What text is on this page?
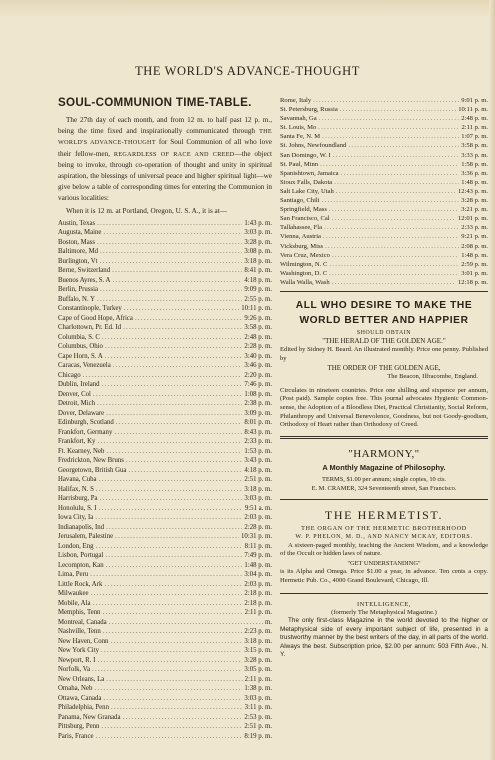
THE WORLD'S ADVANCE-THOUGHT
SOUL-COMMUNION TIME-TABLE.
The 27th day of each month, and from 12 m. to half past 12 p. m., being the time fixed and inspirationally communicated through THE WORLD'S ADVANCE-THOUGHT for Soul Communion of all who love their fellow-men, REGARDLESS OF RACE AND CREED—the object being to invoke, through co-operation of thought and unity in spiritual aspiration, the blessings of universal peace and higher spiritual light—we give below a table of corresponding times for entering the Communion in various localities:
When it is 12 m. at Portland, Oregon, U. S. A., it is at—
Austin, Texas .....	1:43 p. m.
Augusta, Maine .....	3:03 p. m.
Boston, Mass .....	3:28 p. m.
Baltimore, Md .....	3:08 p. m.
Burlington, Vt .....	3:18 p. m.
Berne, Switzerland .....	8:41 p. m.
Buenos Ayres, S. A .....	4:18 p. m.
Berlin, Prussia .....	9:09 p. m.
Buffalo, N. Y .....	2:55 p. m.
Constantinople, Turkey .....	10:11 p. m.
Cape of Good Hope, Africa .....	9:26 p. m.
Charlottown, Pr. Ed. Id .....	3:58 p. m.
Columbia, S. C .....	2:48 p. m.
Columbus, Ohio .....	2:28 p. m.
Cape Horn, S. A .....	3:40 p. m.
Caracas, Venezuela .....	3:46 p. m.
Chicago .....	2:20 p. m.
Dublin, Ireland .....	7:46 p. m.
Denver, Col .....	1:08 p. m.
Detroit, Mich .....	2:38 p. m.
Dover, Delaware .....	3:09 p. m.
Edinburgh, Scotland .....	8:01 p. m.
Frankfort, Germany .....	8:43 p. m.
Frankfort, Ky .....	2:33 p. m.
Ft. Kearney, Neb .....	1:53 p. m.
Fredrickton, New Bruns .....	3:43 p. m.
Georgetown, British Gua .....	4:18 p. m.
Havana, Cuba .....	2:51 p. m.
Halifax, N. S .....	3:18 p. m.
Harrisburg, Pa .....	3:03 p. m.
Honolulu, S. I .....	9:51 a. m.
Iowa City, Ia .....	2:03 p. m.
Indianapolis, Ind .....	2:28 p. m.
Jerusalem, Palestine .....	10:31 p. m.
London, Eng .....	8:11 p. m.
Lisbon, Portugal .....	7:49 p. m.
Lecompton, Kan .....	1:48 p. m.
Lima, Peru .....	3:04 p. m.
Little Rock, Ark .....	2:03 p. m.
Milwaukee .....	2:18 p. m.
Mobile, Ala .....	2:18 p. m.
Memphis, Tenn .....	2:11 p. m.
Montreal, Canada .....	m.
Nashville, Tenn .....	2:23 p. m.
New Haven, Conn .....	3:18 p. m.
New York City .....	3:15 p. m.
Newport, R. I .....	3:28 p. m.
Norfolk, Va .....	3:05 p. m.
New Orleans, La .....	2:11 p. m.
Omaha, Neb .....	1:38 p. m.
Ottawa, Canada .....	3:03 p. m.
Philadelphia, Penn .....	3:11 p. m.
Panama, New Granada .....	2:53 p. m.
Pittsburg, Penn .....	2:51 p. m.
Paris, France .....	8:19 p. m.
Rome, Italy .....	9:01 p. m.
St. Petersburg, Russia .....	10:11 p. m.
Savannah, Ga .....	2:48 p. m.
St. Louis, Mo .....	2:11 p. m.
Santa Fe, N. M .....	1:07 p. m.
St. Johns, Newfoundland .....	3:58 p. m.
San Domingo, W. I .....	3:33 p. m.
St. Paul, Minn .....	1:58 p. m.
Spanishtown, Jamaica .....	3:36 p. m.
Sioux Falls, Dakota .....	1:48 p. m.
Salt Lake City, Utah .....	12:43 p. m.
Santiago, Chili .....	3:28 p. m.
Springfield, Mass .....	3:21 p. m.
San Francisco, Cal .....	12:01 p. m.
Tallahassee, Fla .....	2:33 p. m.
Vienna, Austria .....	9:21 p. m.
Vicksburg, Miss .....	2:08 p. m.
Vera Cruz, Mexico .....	1:48 p. m.
Wilmington, N. C .....	2:59 p. m.
Washington, D. C .....	3:01 p. m.
Walla Walla, Wash .....	12:18 p. m.
ALL WHO DESIRE TO MAKE THE WORLD BETTER AND HAPPIER
SHOULD OBTAIN
"THE HERALD OF THE GOLDEN AGE."
Edited by Sidney H. Beard. An illustrated monthly. Price one penny. Published by
THE ORDER OF THE GOLDEN AGE,
The Beacon, Ilfracombe, England.
Circulates in nineteen countries. Price one shilling and sixpence per annum, (Post paid). Sample copies free. This journal advocates Hygienic Common-sense, the Adoption of a Bloodless Diet, Practical Christianity, Social Reform, Philanthropy and Universal Benevolence, Goodness, but not Goody-goodism, Orthodoxy of Heart rather than Orthodoxy of Creed.
"HARMONY,"
A Monthly Magazine of Philosophy.
TERMS, $1.00 per annum; single copies, 10 cts.
E. M. CRAMER, 324 Seventeenth street, San Francisco.
THE HERMETIST.
THE ORGAN OF THE HERMETIC BROTHERHOOD
W. P. PHELON, M. D., AND NANCY MCKAY, EDITORS.
A sixteen-paged monthly, teaching the Ancient Wisdom, and a knowledge of the Occult or hidden laws of nature.
"GET UNDERSTANDING"
is its Alpha and Omega. Price $1.00 a year, in advance. Ten cents a copy. Hermetic Pub. Co., 4000 Grand Boulevard, Chicago, Ill.
INTELLIGENCE,
(formerly The Metaphysical Magazine.)
The only first-class Magazine in the world devoted to the higher or Metaphysical side of every important subject of life, presented in a trustworthy manner by the best writers of the day, in all parts of the world. Always the best. Subscription price, $2.00 per annum: 503 Fifth Ave., N. Y.
